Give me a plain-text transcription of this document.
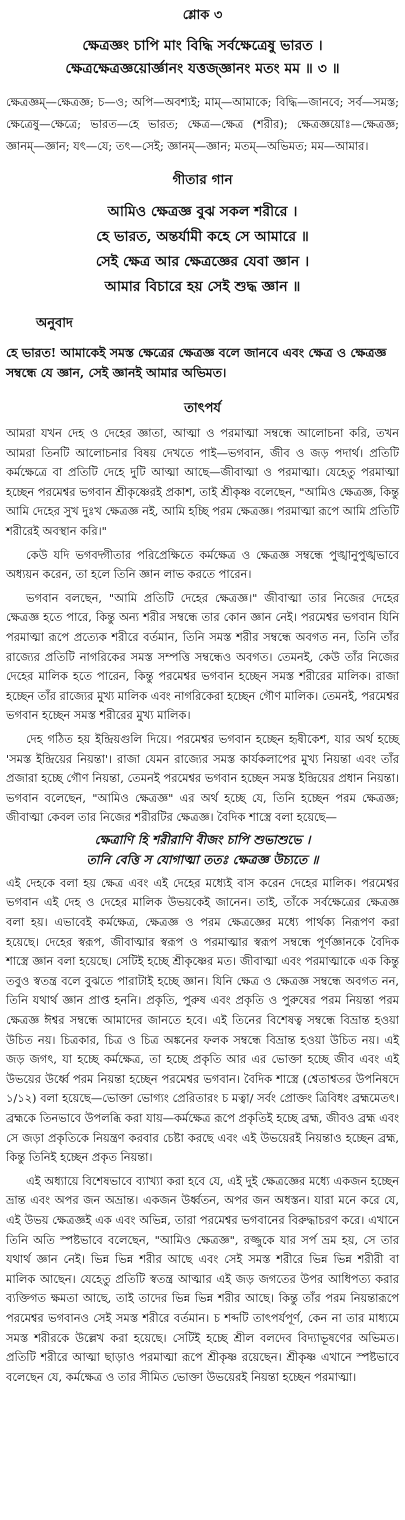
শ্লোক ৩
ক্ষেত্রজ্ঞং চাপি মাং বিদ্ধি সর্বক্ষেত্রেষু ভারত ।
ক্ষেত্রক্ষেত্রজ্ঞয়োর্জ্ঞানং যত্তজ্জ্ঞানং মতং মম ॥ ৩ ॥
ক্ষেত্রজ্ঞম্—ক্ষেত্রজ্ঞ; চ—ও; অপি—অবশ্যই; মাম্—আমাকে; বিদ্ধি—জানবে; সর্ব—সমস্ত; ক্ষেত্রেষু—ক্ষেত্রে; ভারত—হে ভারত; ক্ষেত্র—ক্ষেত্র (শরীর); ক্ষেত্রজ্ঞয়োঃ—ক্ষেত্রজ্ঞ; জ্ঞানম্—জ্ঞান; যৎ—যে; তৎ—সেই; জ্ঞানম্—জ্ঞান; মতম্—অভিমত; মম—আমার।
গীতার গান
আমিও ক্ষেত্রজ্ঞ বুঝ সকল শরীরে ।
হে ভারত, অন্তর্যামী কহে সে আমারে ॥
সেই ক্ষেত্র আর ক্ষেত্রজ্ঞের যেবা জ্ঞান ।
আমার বিচারে হয় সেই শুদ্ধ জ্ঞান ॥
অনুবাদ
হে ভারত! আমাকেই সমস্ত ক্ষেত্রের ক্ষেত্রজ্ঞ বলে জানবে এবং ক্ষেত্র ও ক্ষেত্রজ্ঞ সম্বন্ধে যে জ্ঞান, সেই জ্ঞানই আমার অভিমত।
তাৎপর্য
আমরা যখন দেহ ও দেহের জ্ঞাতা, আত্মা ও পরমাত্মা সম্বন্ধে আলোচনা করি, তখন আমরা তিনটি আলোচনার বিষয় দেখতে পাই—ভগবান, জীব ও জড় পদার্থ। প্রতিটি কর্মক্ষেত্রে বা প্রতিটি দেহে দুটি আত্মা আছে—জীবাত্মা ও পরমাত্মা। যেহেতু পরমাত্মা হচ্ছেন পরমেশ্বর ভগবান শ্রীকৃষ্ণেরই প্রকাশ, তাই শ্রীকৃষ্ণ বলেছেন, "আমিও ক্ষেত্রজ্ঞ, কিন্তু আমি দেহের সুখ দুঃখ ক্ষেত্রজ্ঞ নই, আমি হচ্ছি পরম ক্ষেত্রজ্ঞ। পরমাত্মা রূপে আমি প্রতিটি শরীরেই অবস্থান করি।"
কেউ যদি ভগবদ্গীতার পরিপ্রেক্ষিতে কর্মক্ষেত্র ও ক্ষেত্রজ্ঞ সম্বন্ধে পুঙ্খানুপুঙ্খভাবে অধ্যয়ন করেন, তা হলে তিনি জ্ঞান লাভ করতে পারেন।
ভগবান বলছেন, "আমি প্রতিটি দেহের ক্ষেত্রজ্ঞ।" জীবাত্মা তার নিজের দেহের ক্ষেত্রজ্ঞ হতে পারে, কিন্তু অন্য শরীর সম্বন্ধে তার কোন জ্ঞান নেই। পরমেশ্বর ভগবান যিনি পরমাত্মা রূপে প্রত্যেক শরীরে বর্তমান, তিনি সমস্ত শরীর সম্বন্ধে অবগত নন, তিনি তাঁর রাজ্যের প্রতিটি নাগরিকের সমস্ত সম্পত্তি সম্বন্ধেও অবগত। তেমনই, কেউ তাঁর নিজের দেহের মালিক হতে পারেন, কিন্তু পরমেশ্বর ভগবান হচ্ছেন সমস্ত শরীরের মালিক। রাজা হচ্ছেন তাঁর রাজ্যের মুখ্য মালিক এবং নাগরিকেরা হচ্ছেন গৌণ মালিক। তেমনই, পরমেশ্বর ভগবান হচ্ছেন সমস্ত শরীরের মুখ্য মালিক।
দেহ গঠিত হয় ইন্দ্রিয়গুলি দিয়ে। পরমেশ্বর ভগবান হচ্ছেন হৃষীকেশ, যার অর্থ হচ্ছে 'সমস্ত ইন্দ্রিয়ের নিয়ন্তা'। রাজা যেমন রাজ্যের সমস্ত কার্যকলাপের মুখ্য নিয়ন্তা এবং তাঁর প্রজারা হচ্ছে গৌণ নিয়ন্তা, তেমনই পরমেশ্বর ভগবান হচ্ছেন সমস্ত ইন্দ্রিয়ের প্রধান নিয়ন্তা। ভগবান বলেছেন, "আমিও ক্ষেত্রজ্ঞ" এর অর্থ হচ্ছে যে, তিনি হচ্ছেন পরম ক্ষেত্রজ্ঞ; জীবাত্মা কেবল তার নিজের শরীরটির ক্ষেত্রজ্ঞ। বৈদিক শাস্ত্রে বলা হয়েছে—
ক্ষেত্রাণি হি শরীরাণি বীজং চাপি শুভাশুভে ।
তানি বেত্তি স যোগাত্মা ততঃ ক্ষেত্রজ্ঞ উচ্যতে ॥
এই দেহকে বলা হয় ক্ষেত্র এবং এই দেহের মধ্যেই বাস করেন দেহের মালিক। পরমেশ্বর ভগবান এই দেহ ও দেহের মালিক উভয়কেই জানেন। তাই, তাঁকে সর্বক্ষেত্রের ক্ষেত্রজ্ঞ বলা হয়। এভাবেই কর্মক্ষেত্র, ক্ষেত্রজ্ঞ ও পরম ক্ষেত্রজ্ঞের মধ্যে পার্থক্য নিরূপণ করা হয়েছে। দেহের স্বরূপ, জীবাত্মার স্বরূপ ও পরমাত্মার স্বরূপ সম্বন্ধে পূর্ণজ্ঞানকে বৈদিক শাস্ত্রে জ্ঞান বলা হয়েছে। সেটিই হচ্ছে শ্রীকৃষ্ণের মত। জীবাত্মা এবং পরমাত্মাকে এক কিন্তু তবুও স্বতন্ত্র বলে বুঝতে পারাটাই হচ্ছে জ্ঞান। যিনি ক্ষেত্র ও ক্ষেত্রজ্ঞ সম্বন্ধে অবগত নন, তিনি যথার্থ জ্ঞান প্রাপ্ত হননি। প্রকৃতি, পুরুষ এবং প্রকৃতি ও পুরুষের পরম নিয়ন্তা পরম ক্ষেত্রজ্ঞ ঈশ্বর সম্বন্ধে আমাদের জানতে হবে। এই তিনের বিশেষত্ব সম্বন্ধে বিভ্রান্ত হওয়া উচিত নয়। চিত্রকার, চিত্র ও চিত্র অঙ্কনের ফলক সম্বন্ধে বিভ্রান্ত হওয়া উচিত নয়। এই জড় জগৎ, যা হচ্ছে কর্মক্ষেত্র, তা হচ্ছে প্রকৃতি আর এর ভোক্তা হচ্ছে জীব এবং এই উভয়ের উর্ধ্বে পরম নিয়ন্তা হচ্ছেন পরমেশ্বর ভগবান। বৈদিক শাস্ত্রে (শ্বেতাশ্বতর উপনিষদে ১/১২) বলা হয়েছে—ভোক্তা ভোগ্যং প্রেরিতারং চ মত্বা/ সর্বং প্রোক্তং ত্রিবিধং ব্রহ্মমেতৎ। ব্রহ্মকে তিনভাবে উপলব্ধি করা যায়—কর্মক্ষেত্র রূপে প্রকৃতিই হচ্ছে ব্রহ্ম, জীবও ব্রহ্ম এবং সে জড়া প্রকৃতিকে নিয়ন্ত্রণ করবার চেষ্টা করছে এবং এই উভয়েরই নিয়ন্তাও হচ্ছেন ব্রহ্ম, কিন্তু তিনিই হচ্ছেন প্রকৃত নিয়ন্তা।
এই অধ্যায়ে বিশেষভাবে ব্যাখ্যা করা হবে যে, এই দুই ক্ষেত্রজ্ঞের মধ্যে একজন হচ্ছেন ভ্রান্ত এবং অপর জন অভ্রান্ত। একজন উর্ধ্বতন, অপর জন অধস্তন। যারা মনে করে যে, এই উভয় ক্ষেত্রজ্ঞই এক এবং অভিন্ন, তারা পরমেশ্বর ভগবানের বিরুদ্ধাচরণ করে। এখানে তিনি অতি স্পষ্টভাবে বলেছেন, "আমিও ক্ষেত্রজ্ঞ", রজ্জুকে যার সর্প ভ্রম হয়, সে তার যথার্থ জ্ঞান নেই। ভিন্ন ভিন্ন শরীর আছে এবং সেই সমস্ত শরীরে ভিন্ন ভিন্ন শরীরী বা মালিক আছেন। যেহেতু প্রতিটি স্বতন্ত্র আত্মার এই জড় জগতের উপর আধিপত্য করার ব্যক্তিগত ক্ষমতা আছে, তাই তাদের ভিন্ন ভিন্ন শরীর আছে। কিন্তু তাঁর পরম নিয়ন্তারূপে পরমেশ্বর ভগবানও সেই সমস্ত শরীরে বর্তমান। চ শব্দটি তাৎপর্যপূর্ণ, কেন না তার মাধ্যমে সমস্ত শরীরকে উল্লেখ করা হয়েছে। সেটিই হচ্ছে শ্রীল বলদেব বিদ্যাভূষণের অভিমত। প্রতিটি শরীরে আত্মা ছাড়াও পরমাত্মা রূপে শ্রীকৃষ্ণ রয়েছেন। শ্রীকৃষ্ণ এখানে স্পষ্টভাবে বলেছেন যে, কর্মক্ষেত্র ও তার সীমিত ভোক্তা উভয়েরই নিয়ন্তা হচ্ছেন পরমাত্মা।
